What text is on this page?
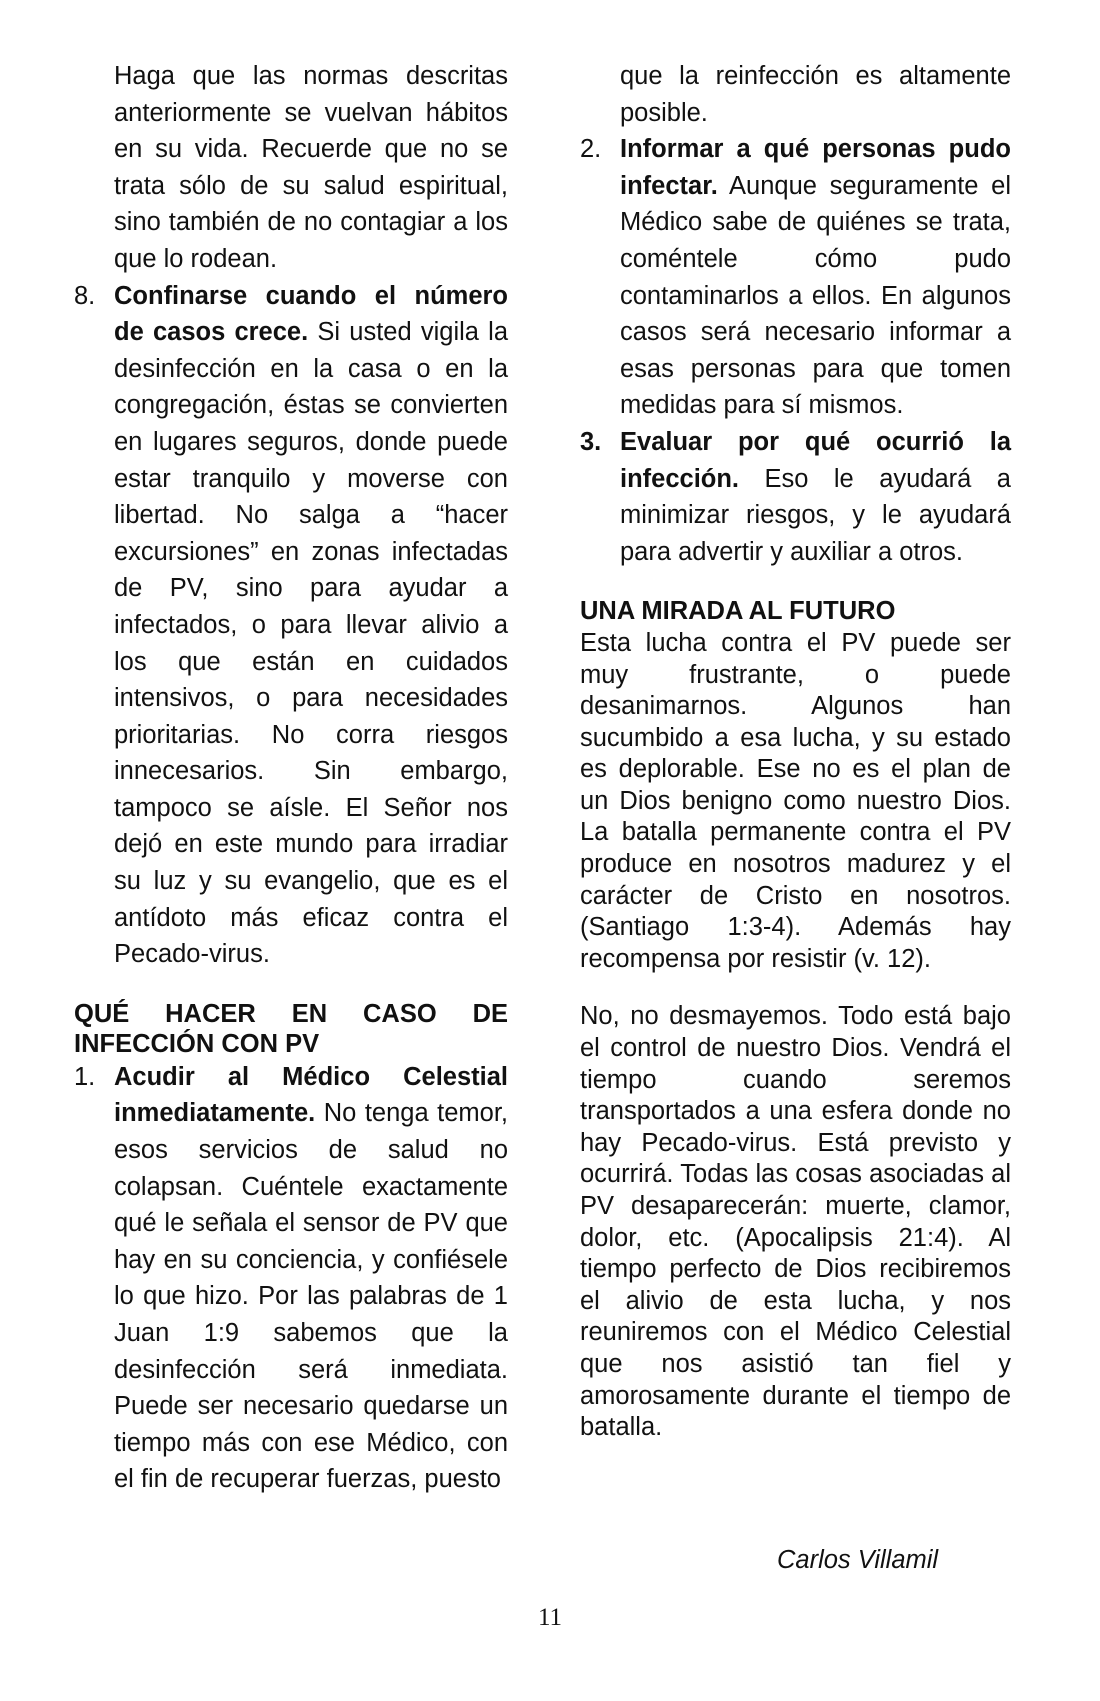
Haga que las normas descritas anteriormente se vuelvan hábitos en su vida. Recuerde que no se trata sólo de su salud espiritual, sino también de no contagiar a los que lo rodean.

8. Confinarse cuando el número de casos crece. Si usted vigila la desinfección en la casa o en la congregación, éstas se convierten en lugares seguros, donde puede estar tranquilo y moverse con libertad. No salga a “hacer excursiones” en zonas infectadas de PV, sino para ayudar a infectados, o para llevar alivio a los que están en cuidados intensivos, o para necesidades prioritarias. No corra riesgos innecesarios. Sin embargo, tampoco se aísle. El Señor nos dejó en este mundo para irradiar su luz y su evangelio, que es el antídoto más eficaz contra el Pecado-virus.
QUÉ HACER EN CASO DE
INFECCIÓN CON PV
1. Acudir al Médico Celestial inmediatamente. No tenga temor, esos servicios de salud no colapsan. Cuéntele exactamente qué le señala el sensor de PV que hay en su conciencia, y confiésele lo que hizo. Por las palabras de 1 Juan 1:9 sabemos que la desinfección será inmediata. Puede ser necesario quedarse un tiempo más con ese Médico, con el fin de recuperar fuerzas, puesto

que la reinfección es altamente posible.

2. Informar a qué personas pudo infectar. Aunque seguramente el Médico sabe de quiénes se trata, coméntele cómo pudo contaminarlos a ellos. En algunos casos será necesario informar a esas personas para que tomen medidas para sí mismos.
3. Evaluar por qué ocurrió la infección. Eso le ayudará a minimizar riesgos, y le ayudará para advertir y auxiliar a otros.

UNA MIRADA AL FUTURO

Esta lucha contra el PV puede ser muy frustrante, o puede desanimarnos. Algunos han sucumbido a esa lucha, y su estado es deplorable. Ese no es el plan de un Dios benigno como nuestro Dios. La batalla permanente contra el PV produce en nosotros madurez y el carácter de Cristo en nosotros. (Santiago 1:3-4). Además hay recompensa por resistir (v. 12).

No, no desmayemos. Todo está bajo el control de nuestro Dios. Vendrá el tiempo cuando seremos transportados a una esfera donde no hay Pecado-virus. Está previsto y ocurrirá. Todas las cosas asociadas al PV desaparecerán: muerte, clamor, dolor, etc. (Apocalipsis 21:4). Al tiempo perfecto de Dios recibiremos el alivio de esta lucha, y nos reuniremos con el Médico Celestial que nos asistió tan fiel y amorosamente durante el tiempo de batalla.

Carlos Villamil
11
